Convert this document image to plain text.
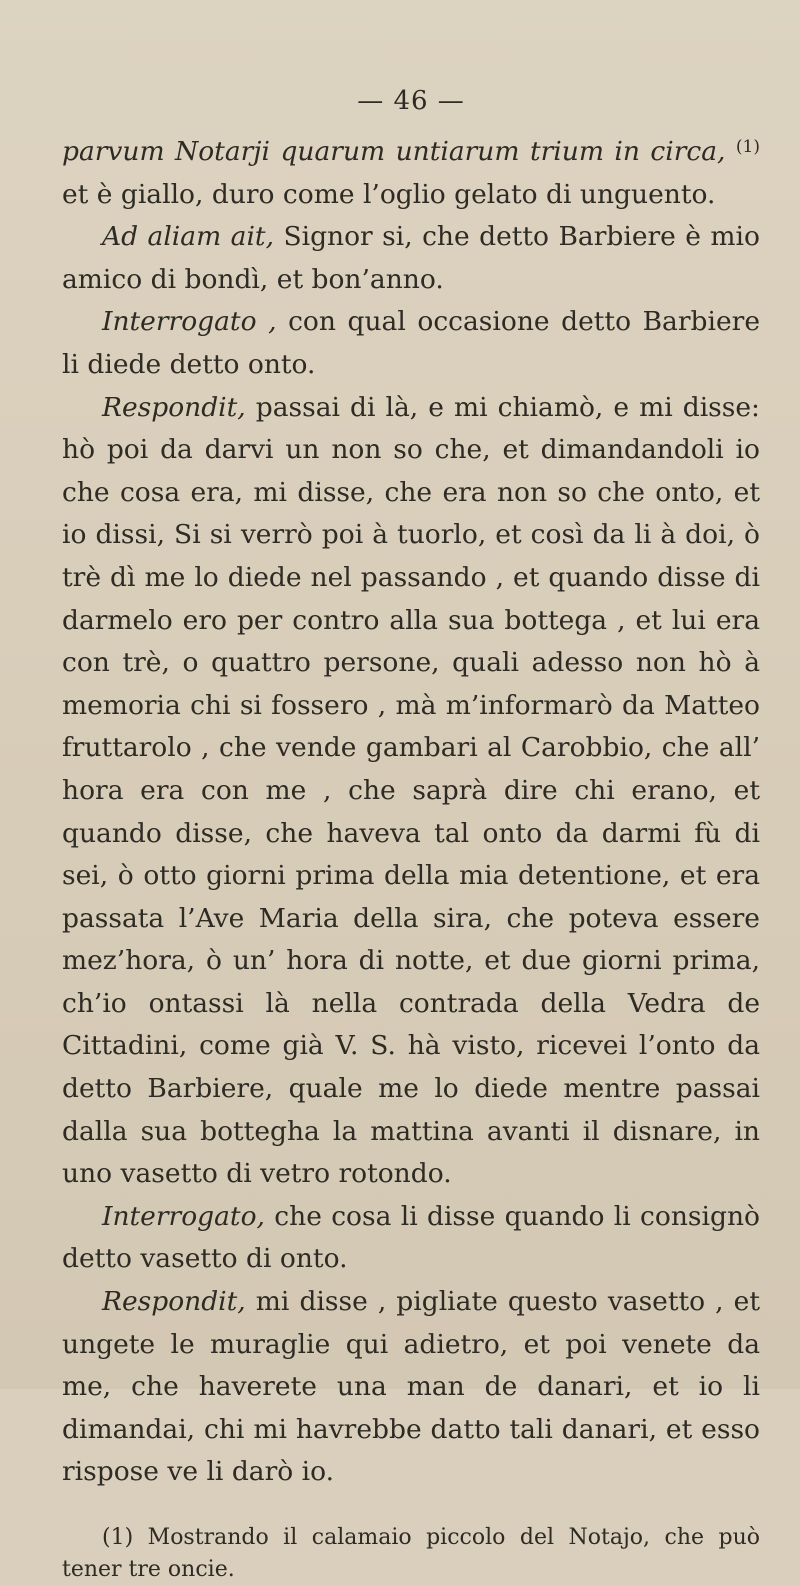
— 46 —

parvum Notarji quarum untiarum trium in circa, $^{(1)}$ et è giallo, duro come l’oglio gelato di unguento.

Ad aliam ait, Signor si, che detto Barbiere è mio amico di bondì, et bon’anno.

Interrogato , con qual occasione detto Barbiere li diede detto onto.

Respondit, passai di là, e mi chiamò, e mi disse: hò poi da darvi un non so che, et dimandandoli io che cosa era, mi disse, che era non so che onto, et io dissi, Si si verrò poi à tuorlo, et così da li à doi, ò trè dì me lo diede nel passando , et quando disse di darmelo ero per contro alla sua bottega , et lui era con trè, o quattro persone, quali adesso non hò à memoria chi si fossero , mà m’informarò da Matteo fruttarolo , che vende gambari al Carobbio, che all’ hora era con me , che saprà dire chi erano, et quando disse, che haveva tal onto da darmi fù di sei, ò otto giorni prima della mia detentione, et era passata l’Ave Maria della sira, che poteva essere mez’hora, ò un’ hora di notte, et due giorni prima, ch’io ontassi là nella contrada della Vedra de Cittadini, come già V. S. hà visto, ricevei l’onto da detto Barbiere, quale me lo diede mentre passai dalla sua bottegha la mattina avanti il disnare, in uno vasetto di vetro rotondo.

Interrogato, che cosa li disse quando li consignò detto vasetto di onto.

Respondit, mi disse , pigliate questo vasetto , et ungete le muraglie qui adietro, et poi venete da me, che haverete una man de danari, et io li dimandai, chi mi havrebbe datto tali danari, et esso rispose ve li darò io.

(1) Mostrando il calamaio piccolo del Notajo, che può tener tre oncie.
